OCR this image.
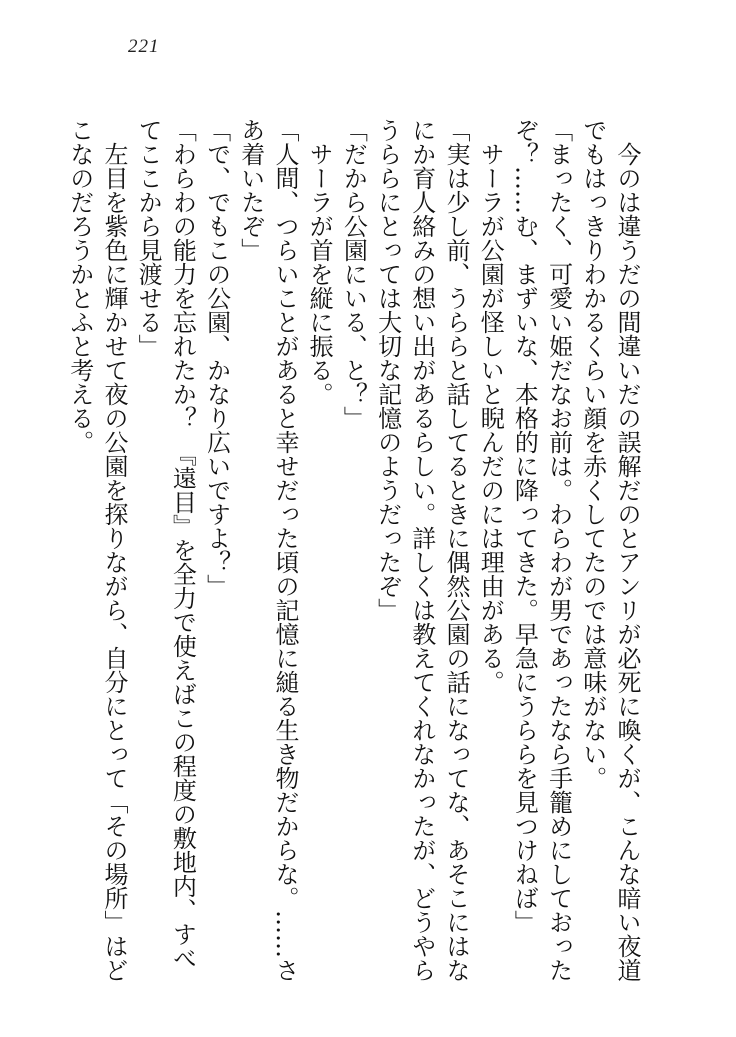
221

今のは違うだの間違いだの誤解だのとアンリが必死に喚くが、こんな暗い夜道でもはっきりわかるくらい顔を赤くしてたのでは意味がない。

「まったく、可愛い姫だなお前は。わらわが男であったなら手籠めにしておったぞ？……む、まずいな、本格的に降ってきた。早急にうららを見つけねば」

サーラが公園が怪しいと睨んだのには理由がある。

「実は少し前、うららと話してるときに偶然公園の話になってな、あそこにはなにか育人絡みの想い出があるらしい。詳しくは教えてくれなかったが、どうやらうららにとっては大切な記憶のようだったぞ」

「だから公園にいる、と？」

サーラが首を縦に振る。

「人間、つらいことがあると幸せだった頃の記憶に縋る生き物だからな。……さあ着いたぞ」

「で、でもこの公園、かなり広いですよ？」

「わらわの能力を忘れたか？　『遠目』を全力で使えばこの程度の敷地内、すべてここから見渡せる」

左目を紫色に輝かせて夜の公園を探りながら、自分にとって「その場所」はどこなのだろうかとふと考える。
